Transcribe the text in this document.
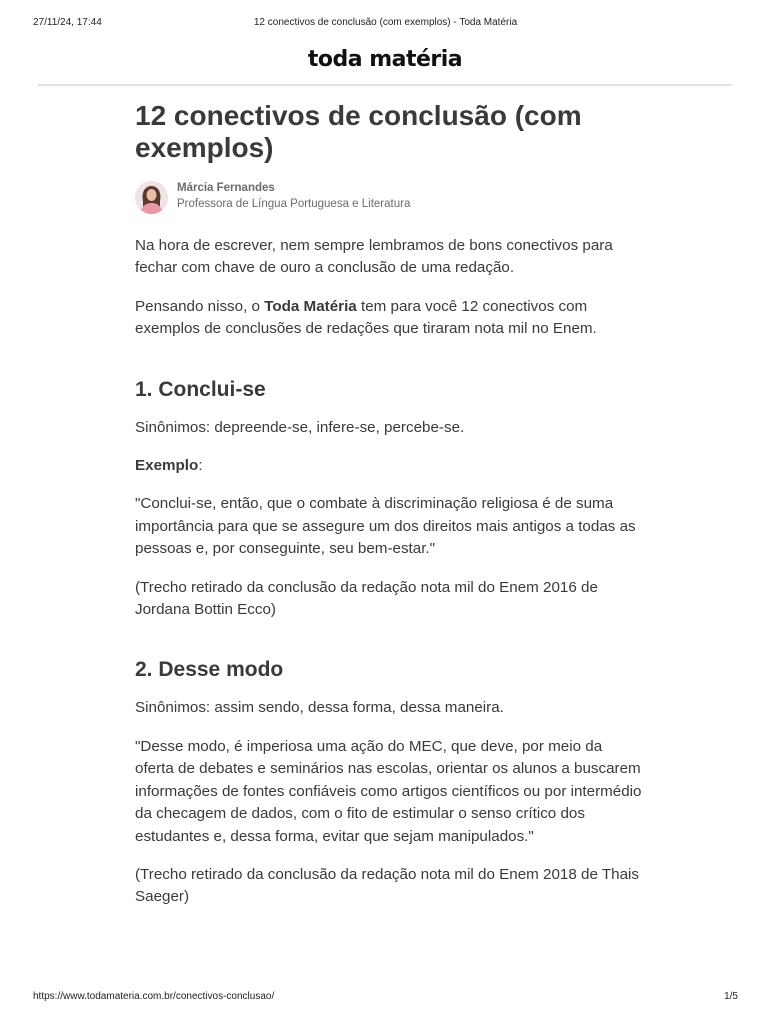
27/11/24, 17:44	12 conectivos de conclusão (com exemplos) - Toda Matéria
toda matéria
12 conectivos de conclusão (com exemplos)
Márcia Fernandes
Professora de Língua Portuguesa e Literatura

Na hora de escrever, nem sempre lembramos de bons conectivos para fechar com chave de ouro a conclusão de uma redação.

Pensando nisso, o Toda Matéria tem para você 12 conectivos com exemplos de conclusões de redações que tiraram nota mil no Enem.

1. Conclui-se

Sinônimos: depreende-se, infere-se, percebe-se.

Exemplo:

"Conclui-se, então, que o combate à discriminação religiosa é de suma importância para que se assegure um dos direitos mais antigos a todas as pessoas e, por conseguinte, seu bem-estar."

(Trecho retirado da conclusão da redação nota mil do Enem 2016 de Jordana Bottin Ecco)

2. Desse modo

Sinônimos: assim sendo, dessa forma, dessa maneira.

"Desse modo, é imperiosa uma ação do MEC, que deve, por meio da oferta de debates e seminários nas escolas, orientar os alunos a buscarem informações de fontes confiáveis como artigos científicos ou por intermédio da checagem de dados, com o fito de estimular o senso crítico dos estudantes e, dessa forma, evitar que sejam manipulados."

(Trecho retirado da conclusão da redação nota mil do Enem 2018 de Thais Saeger)

https://www.todamateria.com.br/conectivos-conclusao/	1/5
